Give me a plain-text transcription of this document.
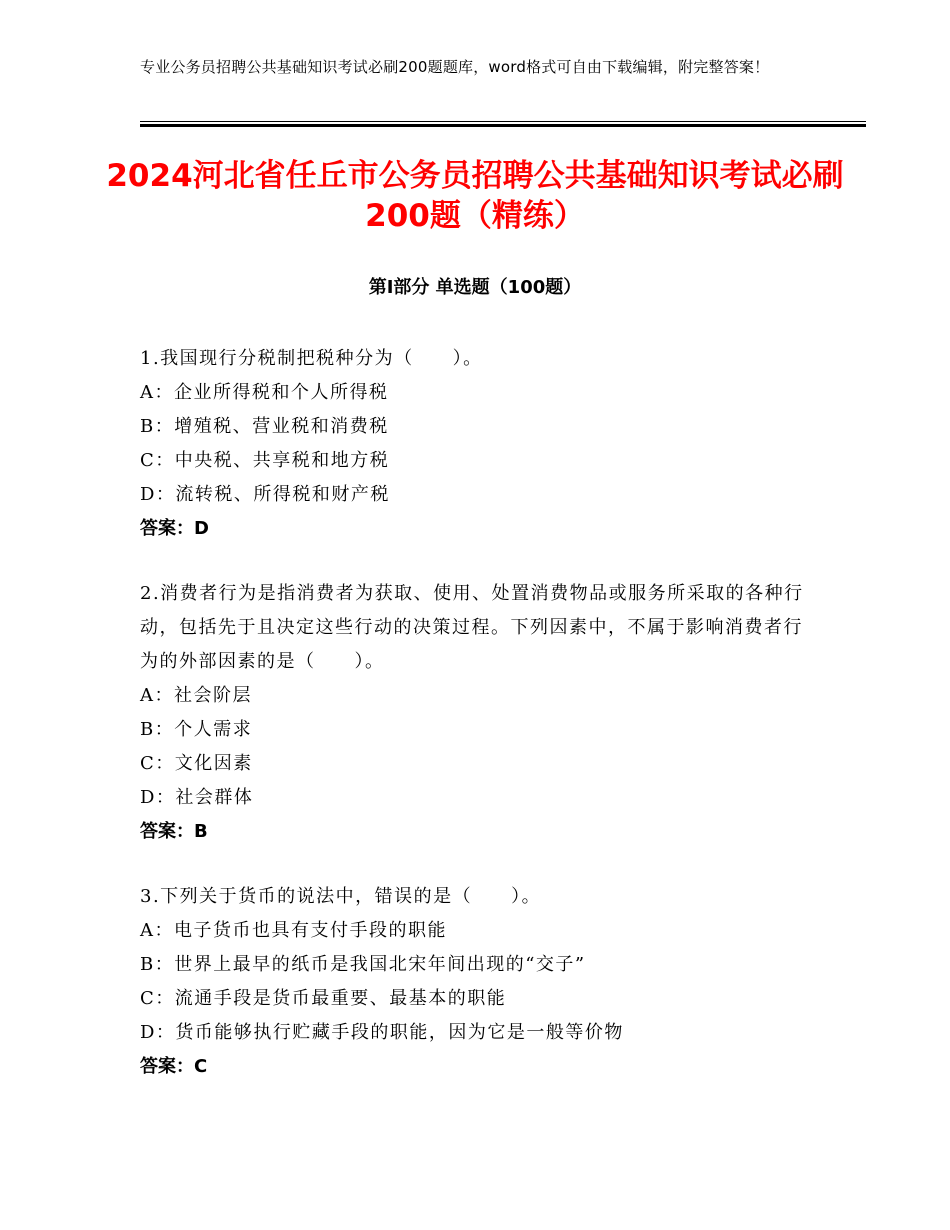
专业公务员招聘公共基础知识考试必刷200题题库，word格式可自由下载编辑，附完整答案！
2024河北省任丘市公务员招聘公共基础知识考试必刷200题（精练）
第Ⅰ部分 单选题（100题）

1.我国现行分税制把税种分为（　　）。

A：企业所得税和个人所得税
B：增殖税、营业税和消费税
C：中央税、共享税和地方税
D：流转税、所得税和财产税

答案：D

2.消费者行为是指消费者为获取、使用、处置消费物品或服务所采取的各种行动，包括先于且决定这些行动的决策过程。下列因素中，不属于影响消费者行为的外部因素的是（　　）。

A：社会阶层
B：个人需求
C：文化因素
D：社会群体

答案：B

3.下列关于货币的说法中，错误的是（　　）。

A：电子货币也具有支付手段的职能
B：世界上最早的纸币是我国北宋年间出现的“交子”
C：流通手段是货币最重要、最基本的职能
D：货币能够执行贮藏手段的职能，因为它是一般等价物

答案：C
